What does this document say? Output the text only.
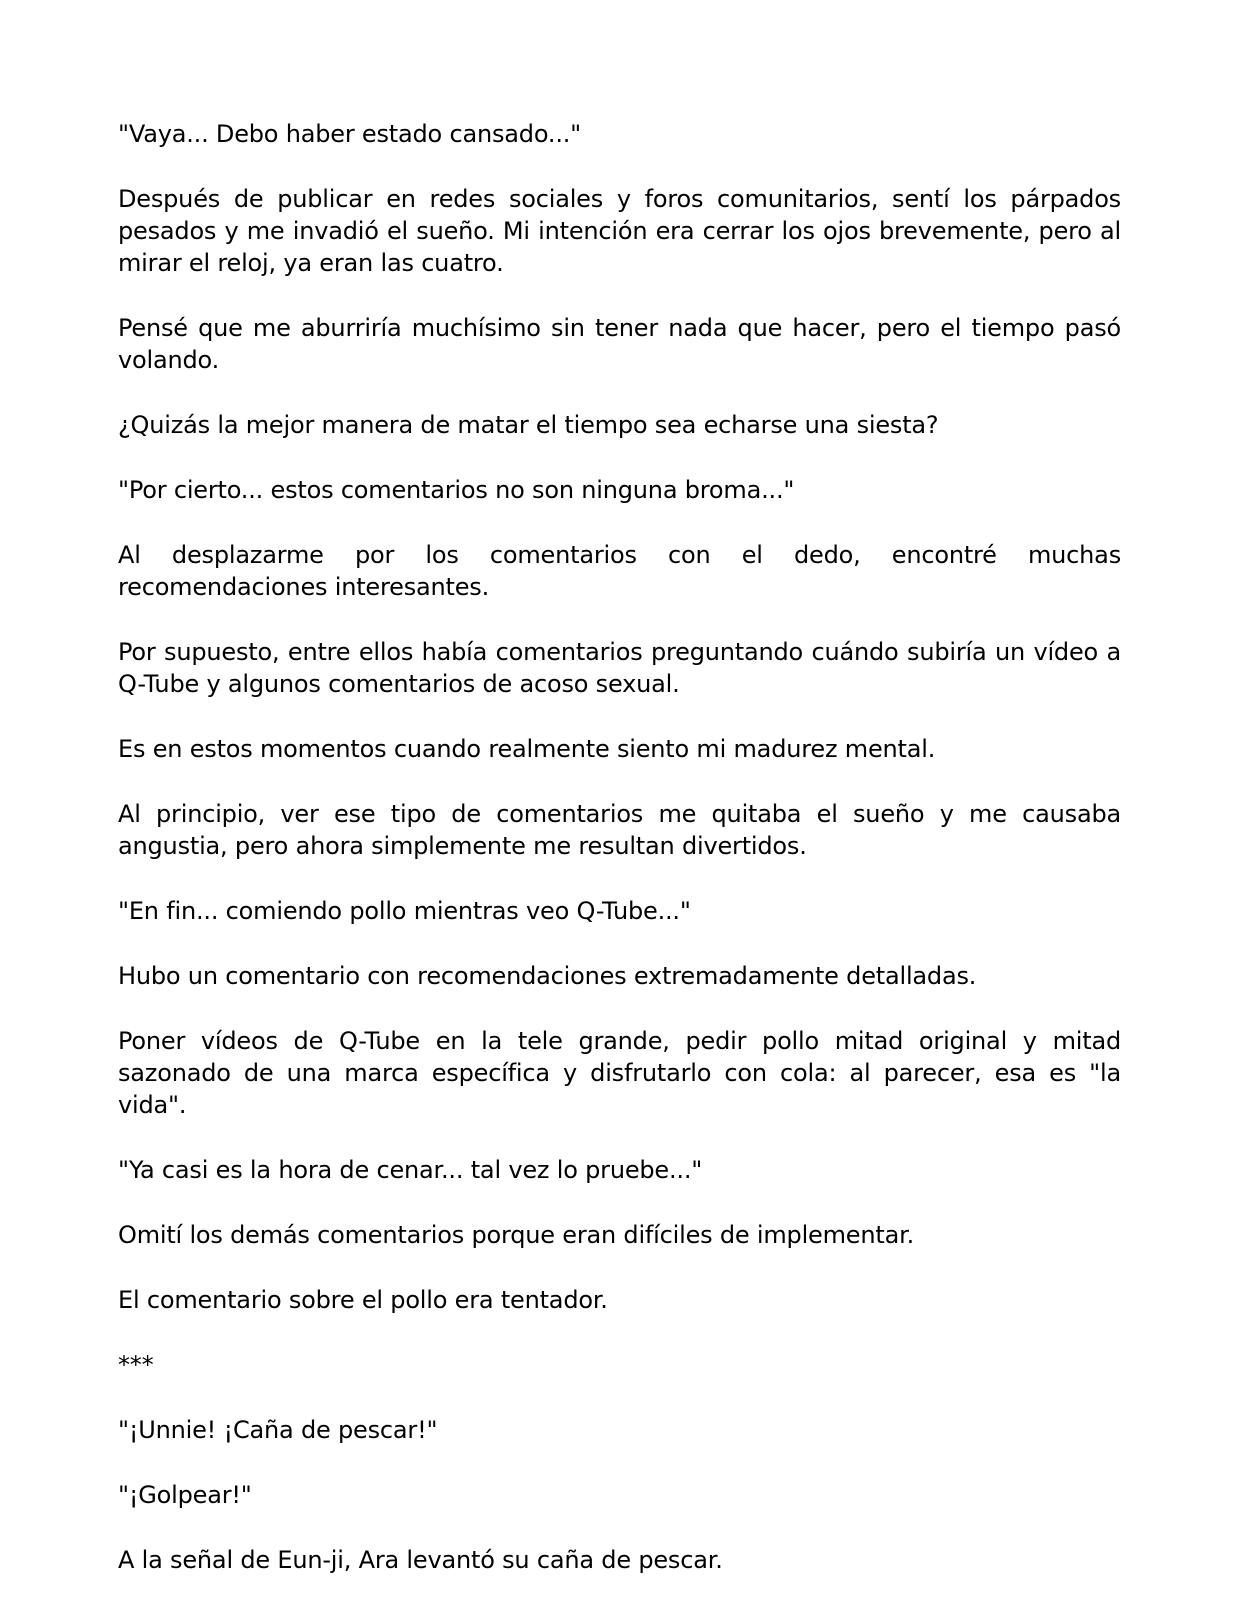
"Vaya... Debo haber estado cansado..."

Después de publicar en redes sociales y foros comunitarios, sentí los párpados pesados y me invadió el sueño. Mi intención era cerrar los ojos brevemente, pero al mirar el reloj, ya eran las cuatro.

Pensé que me aburriría muchísimo sin tener nada que hacer, pero el tiempo pasó volando.

¿Quizás la mejor manera de matar el tiempo sea echarse una siesta?

"Por cierto... estos comentarios no son ninguna broma..."

Al desplazarme por los comentarios con el dedo, encontré muchas recomendaciones interesantes.

Por supuesto, entre ellos había comentarios preguntando cuándo subiría un vídeo a Q-Tube y algunos comentarios de acoso sexual.

Es en estos momentos cuando realmente siento mi madurez mental.

Al principio, ver ese tipo de comentarios me quitaba el sueño y me causaba angustia, pero ahora simplemente me resultan divertidos.

"En fin... comiendo pollo mientras veo Q-Tube..."

Hubo un comentario con recomendaciones extremadamente detalladas.

Poner vídeos de Q-Tube en la tele grande, pedir pollo mitad original y mitad sazonado de una marca específica y disfrutarlo con cola: al parecer, esa es "la vida".

"Ya casi es la hora de cenar... tal vez lo pruebe..."

Omití los demás comentarios porque eran difíciles de implementar.

El comentario sobre el pollo era tentador.

***

"¡Unnie! ¡Caña de pescar!"

"¡Golpear!"

A la señal de Eun-ji, Ara levantó su caña de pescar.
